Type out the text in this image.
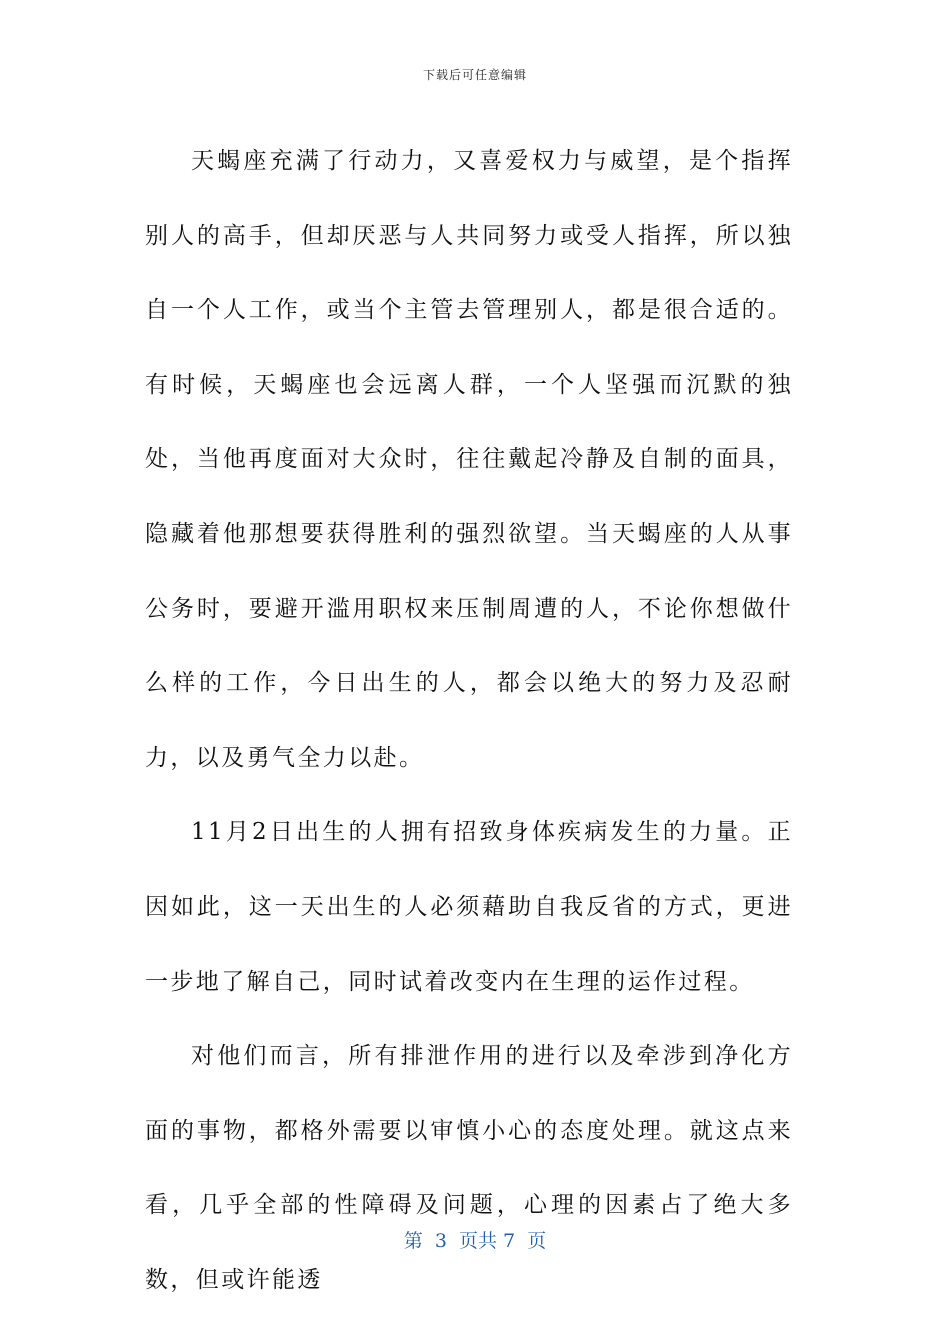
下载后可任意编辑

天蝎座充满了行动力，又喜爱权力与威望，是个指挥别人的高手，但却厌恶与人共同努力或受人指挥，所以独自一个人工作，或当个主管去管理别人，都是很合适的。有时候，天蝎座也会远离人群，一个人坚强而沉默的独处，当他再度面对大众时，往往戴起冷静及自制的面具，隐藏着他那想要获得胜利的强烈欲望。当天蝎座的人从事公务时，要避开滥用职权来压制周遭的人，不论你想做什么样的工作，今日出生的人，都会以绝大的努力及忍耐力，以及勇气全力以赴。

11月2日出生的人拥有招致身体疾病发生的力量。正因如此，这一天出生的人必须藉助自我反省的方式，更进一步地了解自己，同时试着改变内在生理的运作过程。

对他们而言，所有排泄作用的进行以及牵涉到净化方面的事物，都格外需要以审慎小心的态度处理。就这点来看，几乎全部的性障碍及问题，心理的因素占了绝大多数，但或许能透

第  3  页共 7  页
